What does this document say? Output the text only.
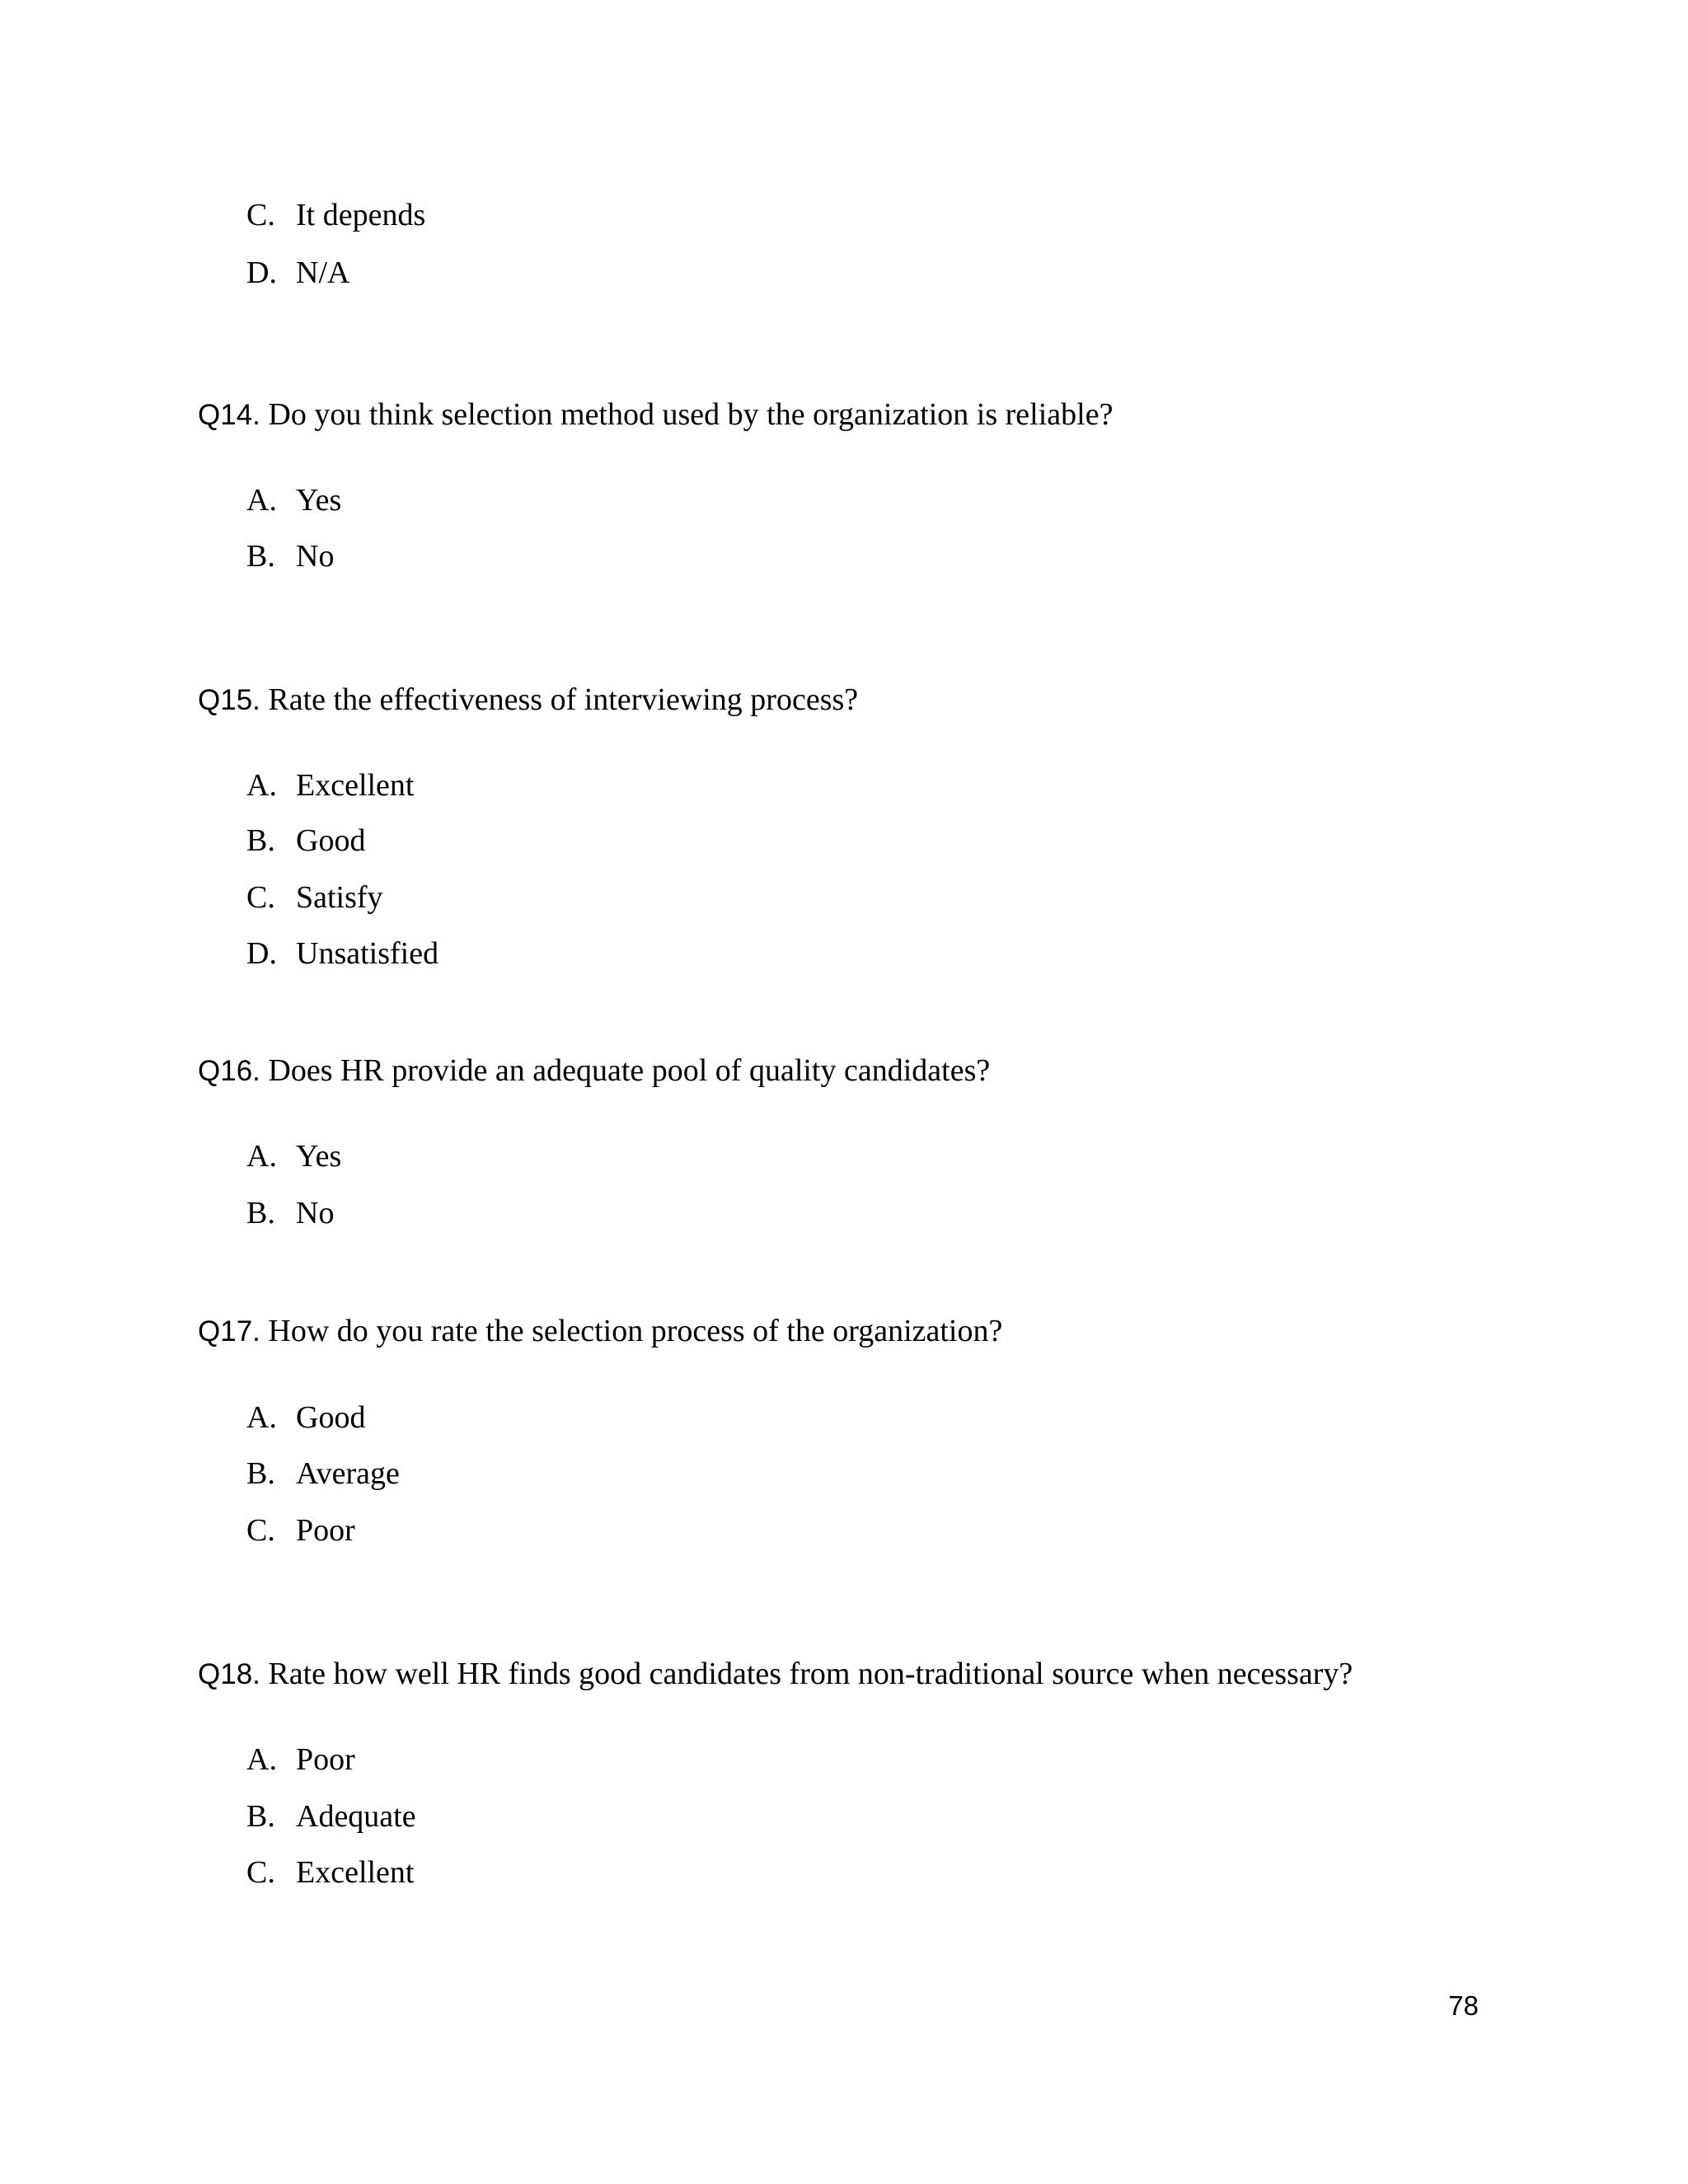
C. It depends
D. N/A
Q14. Do you think selection method used by the organization is reliable?
A. Yes
B. No
Q15. Rate the effectiveness of interviewing process?
A. Excellent
B. Good
C. Satisfy
D. Unsatisfied
Q16. Does HR provide an adequate pool of quality candidates?
A. Yes
B. No
Q17. How do you rate the selection process of the organization?
A. Good
B. Average
C. Poor
Q18. Rate how well HR finds good candidates from non-traditional source when necessary?
A. Poor
B. Adequate
C. Excellent
78
